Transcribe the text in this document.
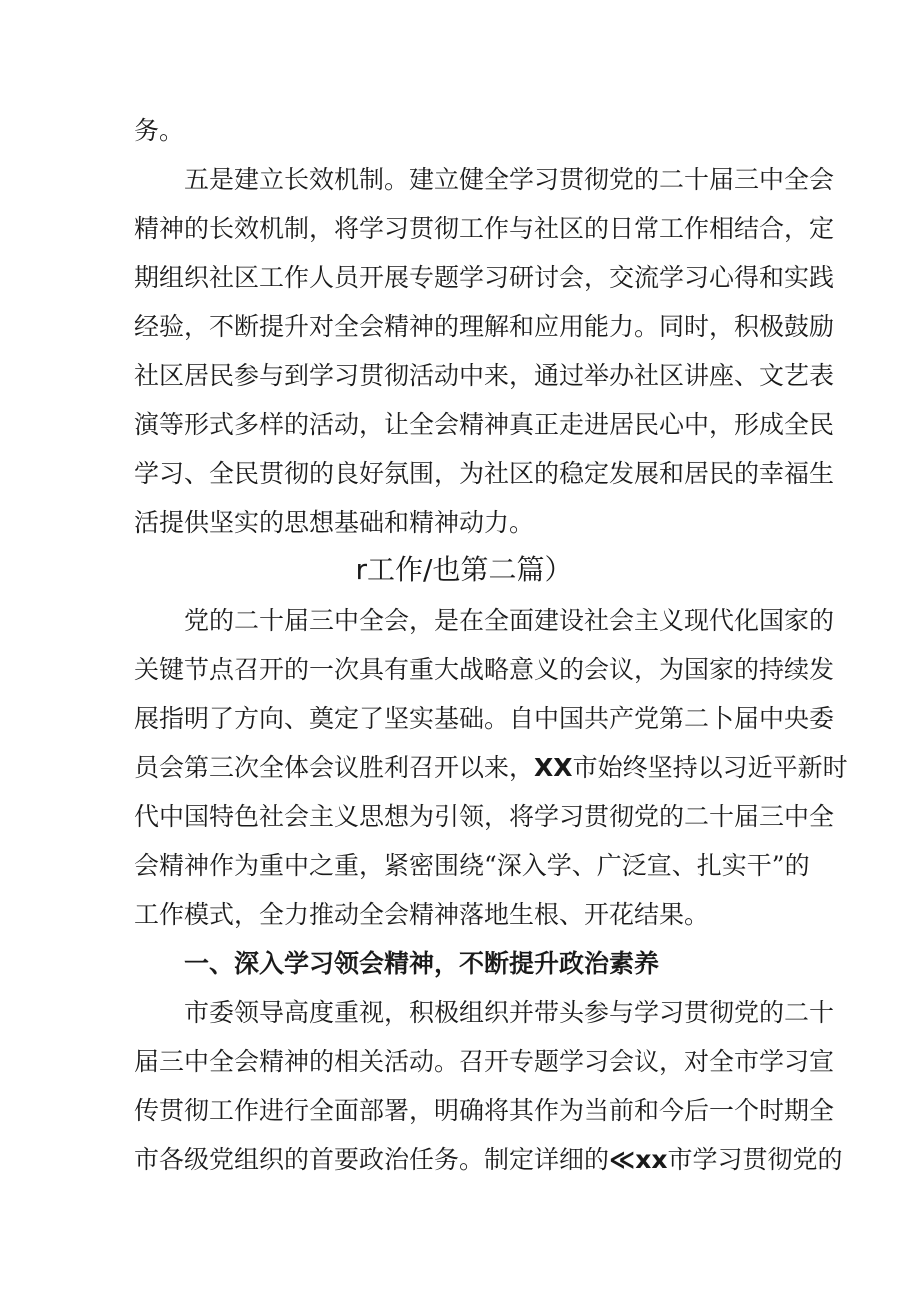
务。
五是建立长效机制。建立健全学习贯彻党的二十届三中全会
精神的长效机制，将学习贯彻工作与社区的日常工作相结合，定
期组织社区工作人员开展专题学习研讨会，交流学习心得和实践
经验，不断提升对全会精神的理解和应用能力。同时，积极鼓励
社区居民参与到学习贯彻活动中来，通过举办社区讲座、文艺表
演等形式多样的活动，让全会精神真正走进居民心中，形成全民
学习、全民贯彻的良好氛围，为社区的稳定发展和居民的幸福生
活提供坚实的思想基础和精神动力。
r工作/也第二篇）
党的二十届三中全会，是在全面建设社会主义现代化国家的
关键节点召开的一次具有重大战略意义的会议，为国家的持续发
展指明了方向、奠定了坚实基础。自中国共产党第二卜届中央委
员会第三次全体会议胜利召开以来，XX市始终坚持以习近平新时
代中国特色社会主义思想为引领，将学习贯彻党的二十届三中全
会精神作为重中之重，紧密围绕“深入学、广泛宣、扎实干”的
工作模式，全力推动全会精神落地生根、开花结果。
一、深入学习领会精神，不断提升政治素养
市委领导高度重视，积极组织并带头参与学习贯彻党的二十
届三中全会精神的相关活动。召开专题学习会议，对全市学习宣
传贯彻工作进行全面部署，明确将其作为当前和今后一个时期全
市各级党组织的首要政治任务。制定详细的≪xx市学习贯彻党的
